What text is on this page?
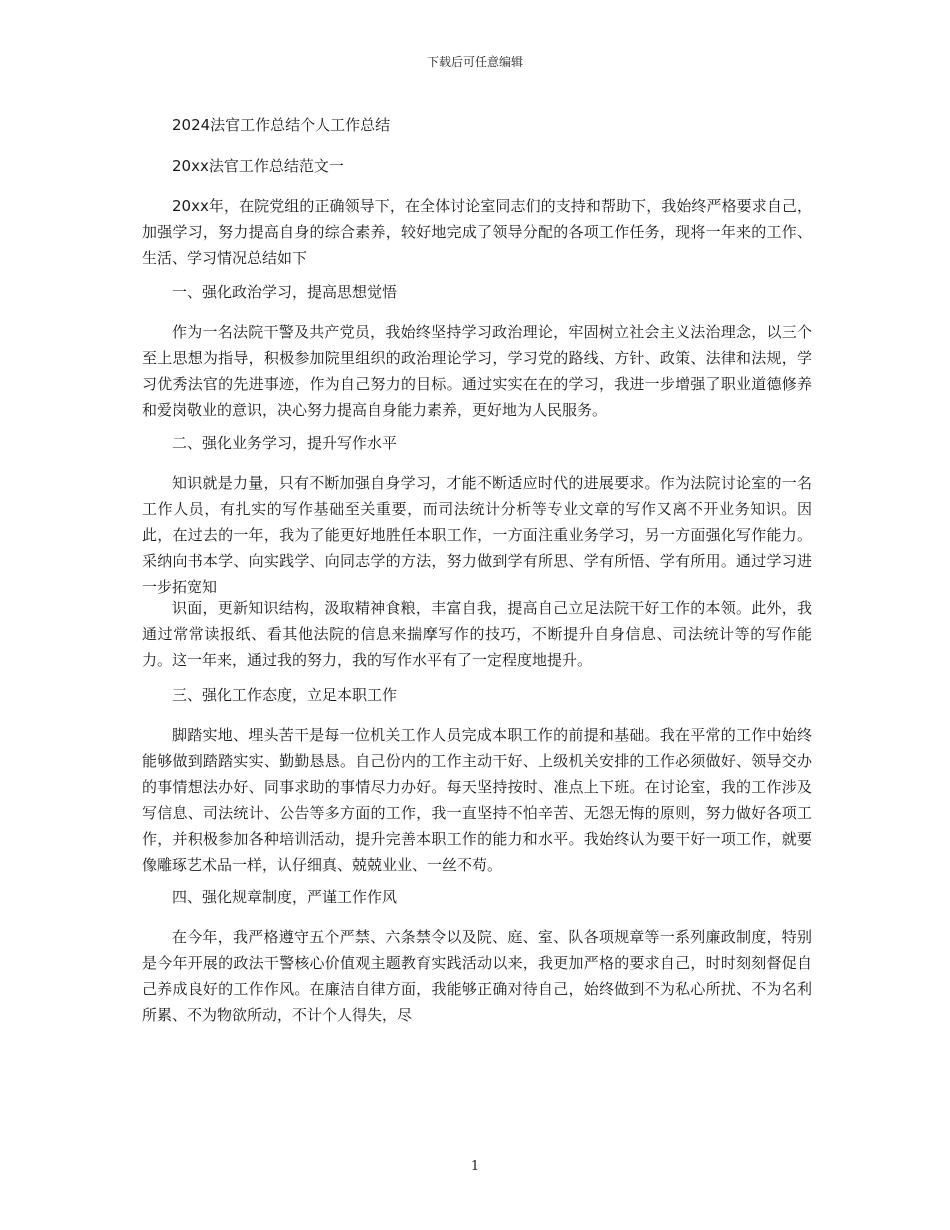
下载后可任意编辑
2024法官工作总结个人工作总结
20xx法官工作总结范文一
20xx年，在院党组的正确领导下，在全体讨论室同志们的支持和帮助下，我始终严格要求自己，加强学习，努力提高自身的综合素养，较好地完成了领导分配的各项工作任务，现将一年来的工作、生活、学习情况总结如下
一、强化政治学习，提高思想觉悟
作为一名法院干警及共产党员，我始终坚持学习政治理论，牢固树立社会主义法治理念，以三个至上思想为指导，积极参加院里组织的政治理论学习，学习党的路线、方针、政策、法律和法规，学习优秀法官的先进事迹，作为自己努力的目标。通过实实在在的学习，我进一步增强了职业道德修养和爱岗敬业的意识，决心努力提高自身能力素养，更好地为人民服务。
二、强化业务学习，提升写作水平
知识就是力量，只有不断加强自身学习，才能不断适应时代的进展要求。作为法院讨论室的一名工作人员，有扎实的写作基础至关重要，而司法统计分析等专业文章的写作又离不开业务知识。因此，在过去的一年，我为了能更好地胜任本职工作，一方面注重业务学习，另一方面强化写作能力。采纳向书本学、向实践学、向同志学的方法，努力做到学有所思、学有所悟、学有所用。通过学习进一步拓宽知
识面，更新知识结构，汲取精神食粮，丰富自我，提高自己立足法院干好工作的本领。此外，我通过常常读报纸、看其他法院的信息来揣摩写作的技巧，不断提升自身信息、司法统计等的写作能力。这一年来，通过我的努力，我的写作水平有了一定程度地提升。
三、强化工作态度，立足本职工作
脚踏实地、埋头苦干是每一位机关工作人员完成本职工作的前提和基础。我在平常的工作中始终能够做到踏踏实实、勤勤恳恳。自己份内的工作主动干好、上级机关安排的工作必须做好、领导交办的事情想法办好、同事求助的事情尽力办好。每天坚持按时、准点上下班。在讨论室，我的工作涉及写信息、司法统计、公告等多方面的工作，我一直坚持不怕辛苦、无怨无悔的原则，努力做好各项工作，并积极参加各种培训活动，提升完善本职工作的能力和水平。我始终认为要干好一项工作，就要像雕琢艺术品一样，认仔细真、兢兢业业、一丝不苟。
四、强化规章制度，严谨工作作风
在今年，我严格遵守五个严禁、六条禁令以及院、庭、室、队各项规章等一系列廉政制度，特别是今年开展的政法干警核心价值观主题教育实践活动以来，我更加严格的要求自己，时时刻刻督促自己养成良好的工作作风。在廉洁自律方面，我能够正确对待自己，始终做到不为私心所扰、不为名利所累、不为物欲所动，不计个人得失，尽
1
